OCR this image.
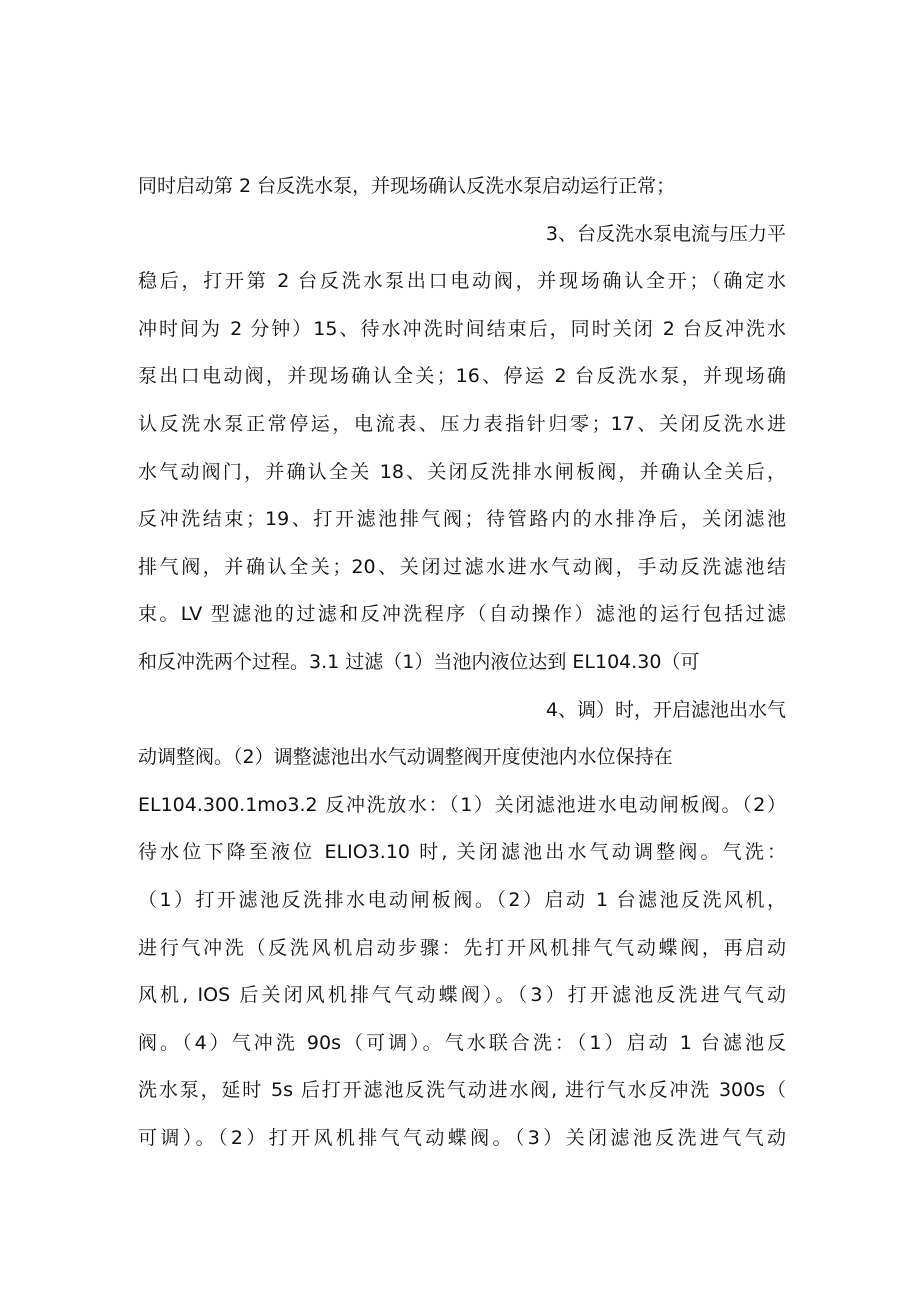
同时启动第 2 台反洗水泵，并现场确认反洗水泵启动运行正常；
3、台反洗水泵电流与压力平
稳后，打开第 2 台反洗水泵出口电动阀，并现场确认全开；（确定水
冲时间为 2 分钟）15、待水冲洗时间结束后，同时关闭 2 台反冲洗水
泵出口电动阀，并现场确认全关；16、停运 2 台反洗水泵，并现场确
认反洗水泵正常停运，电流表、压力表指针归零；17、关闭反洗水进
水气动阀门，并确认全关 18、关闭反洗排水闸板阀，并确认全关后，
反冲洗结束；19、打开滤池排气阀；待管路内的水排净后，关闭滤池
排气阀，并确认全关；20、关闭过滤水进水气动阀，手动反洗滤池结
束。LV 型滤池的过滤和反冲洗程序（自动操作）滤池的运行包括过滤
和反冲洗两个过程。3.1 过滤（1）当池内液位达到 EL104.30（可
4、调）时，开启滤池出水气
动调整阀。（2）调整滤池出水气动调整阀开度使池内水位保持在
EL104.300.1mo3.2 反冲洗放水：（1）关闭滤池进水电动闸板阀。（2）
待水位下降至液位 ELIO3.10 时, 关闭滤池出水气动调整阀。气洗：
（1）打开滤池反洗排水电动闸板阀。（2）启动 1 台滤池反洗风机，
进行气冲洗（反洗风机启动步骤：先打开风机排气气动蝶阀，再启动
风机, IOS 后关闭风机排气气动蝶阀）。（3）打开滤池反洗进气气动
阀。（4）气冲洗 90s（可调）。气水联合洗：（1）启动 1 台滤池反
洗水泵，延时 5s 后打开滤池反洗气动进水阀, 进行气水反冲洗 300s（
可调）。（2）打开风机排气气动蝶阀。（3）关闭滤池反洗进气气动
